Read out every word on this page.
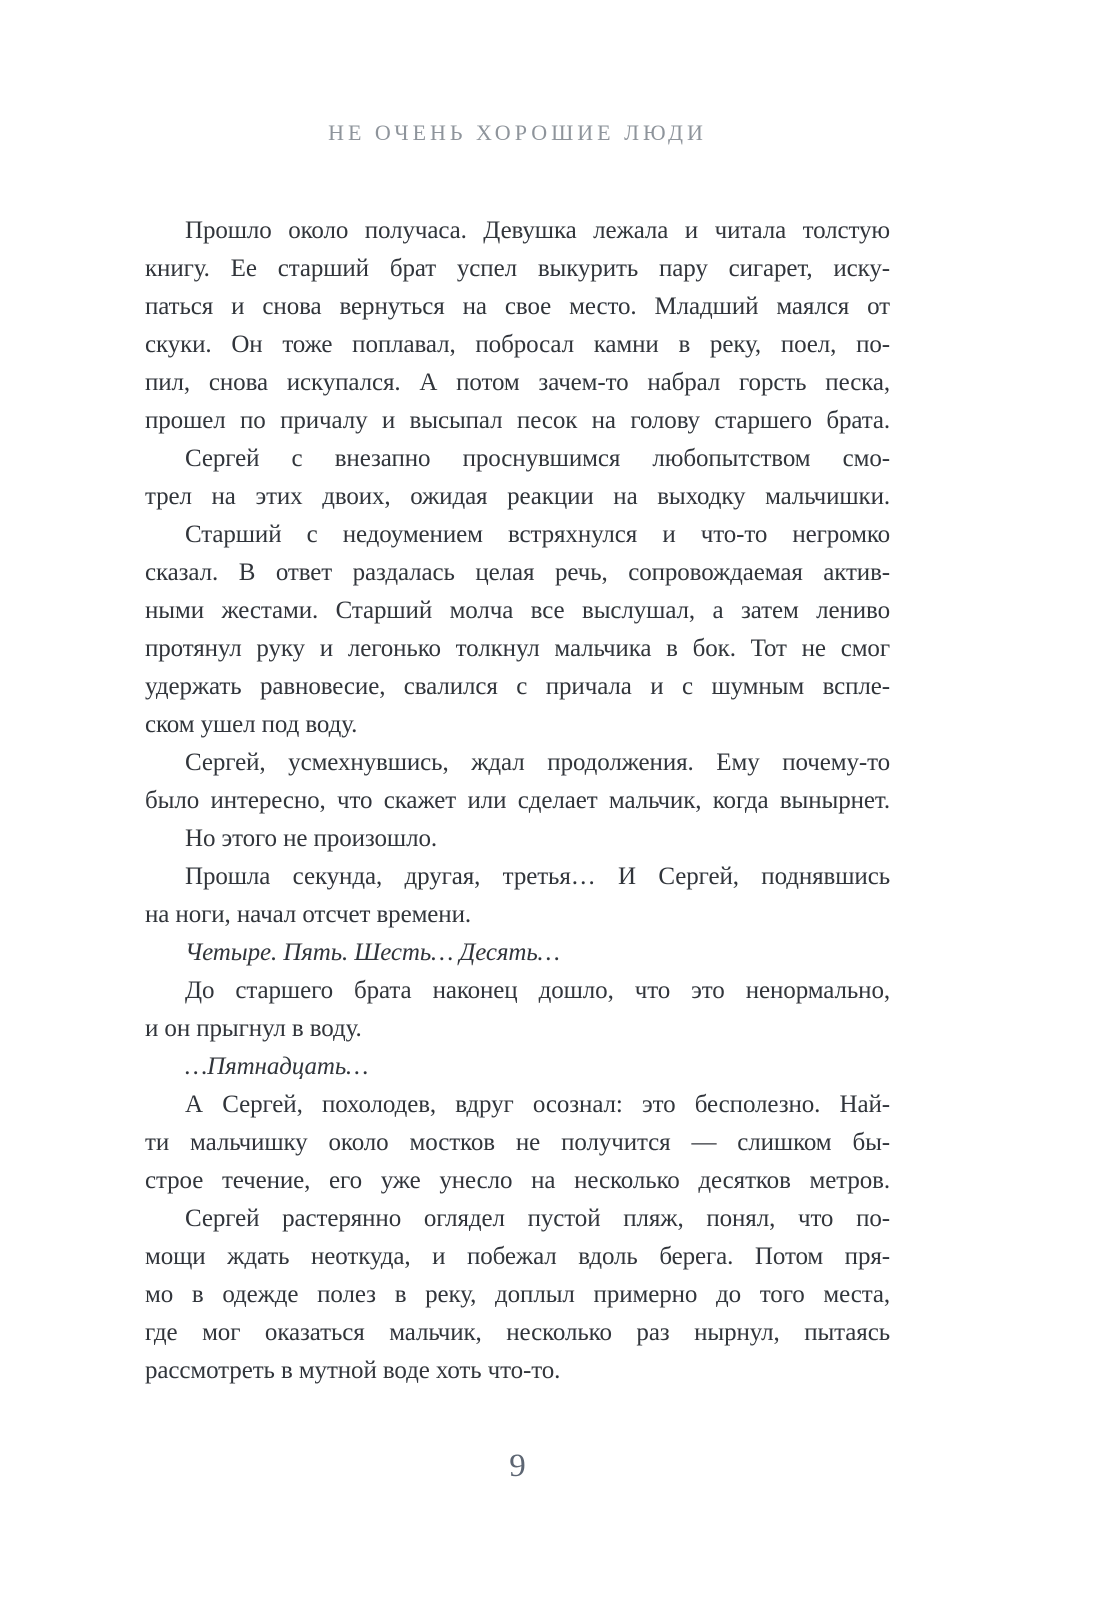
НЕ ОЧЕНЬ ХОРОШИЕ ЛЮДИ
Прошло около получаса. Девушка лежала и читала толстую
книгу. Ее старший брат успел выкурить пару сигарет, иску-
паться и снова вернуться на свое место. Младший маялся от
скуки. Он тоже поплавал, побросал камни в реку, поел, по-
пил, снова искупался. А потом зачем-то набрал горсть песка,
прошел по причалу и высыпал песок на голову старшего брата.
Сергей с внезапно проснувшимся любопытством смо-
трел на этих двоих, ожидая реакции на выходку мальчишки.
Старший с недоумением встряхнулся и что-то негромко
сказал. В ответ раздалась целая речь, сопровождаемая актив-
ными жестами. Старший молча все выслушал, а затем лениво
протянул руку и легонько толкнул мальчика в бок. Тот не смог
удержать равновесие, свалился с причала и с шумным вспле-
ском ушел под воду.
Сергей, усмехнувшись, ждал продолжения. Ему почему-то
было интересно, что скажет или сделает мальчик, когда вынырнет.
Но этого не произошло.
Прошла секунда, другая, третья… И Сергей, поднявшись
на ноги, начал отсчет времени.
Четыре. Пять. Шесть… Десять…
До старшего брата наконец дошло, что это ненормально,
и он прыгнул в воду.
…Пятнадцать…
А Сергей, похолодев, вдруг осознал: это бесполезно. Най-
ти мальчишку около мостков не получится — слишком бы-
строе течение, его уже унесло на несколько десятков метров.
Сергей растерянно оглядел пустой пляж, понял, что по-
мощи ждать неоткуда, и побежал вдоль берега. Потом пря-
мо в одежде полез в реку, доплыл примерно до того места,
где мог оказаться мальчик, несколько раз нырнул, пытаясь
рассмотреть в мутной воде хоть что-то.
9
